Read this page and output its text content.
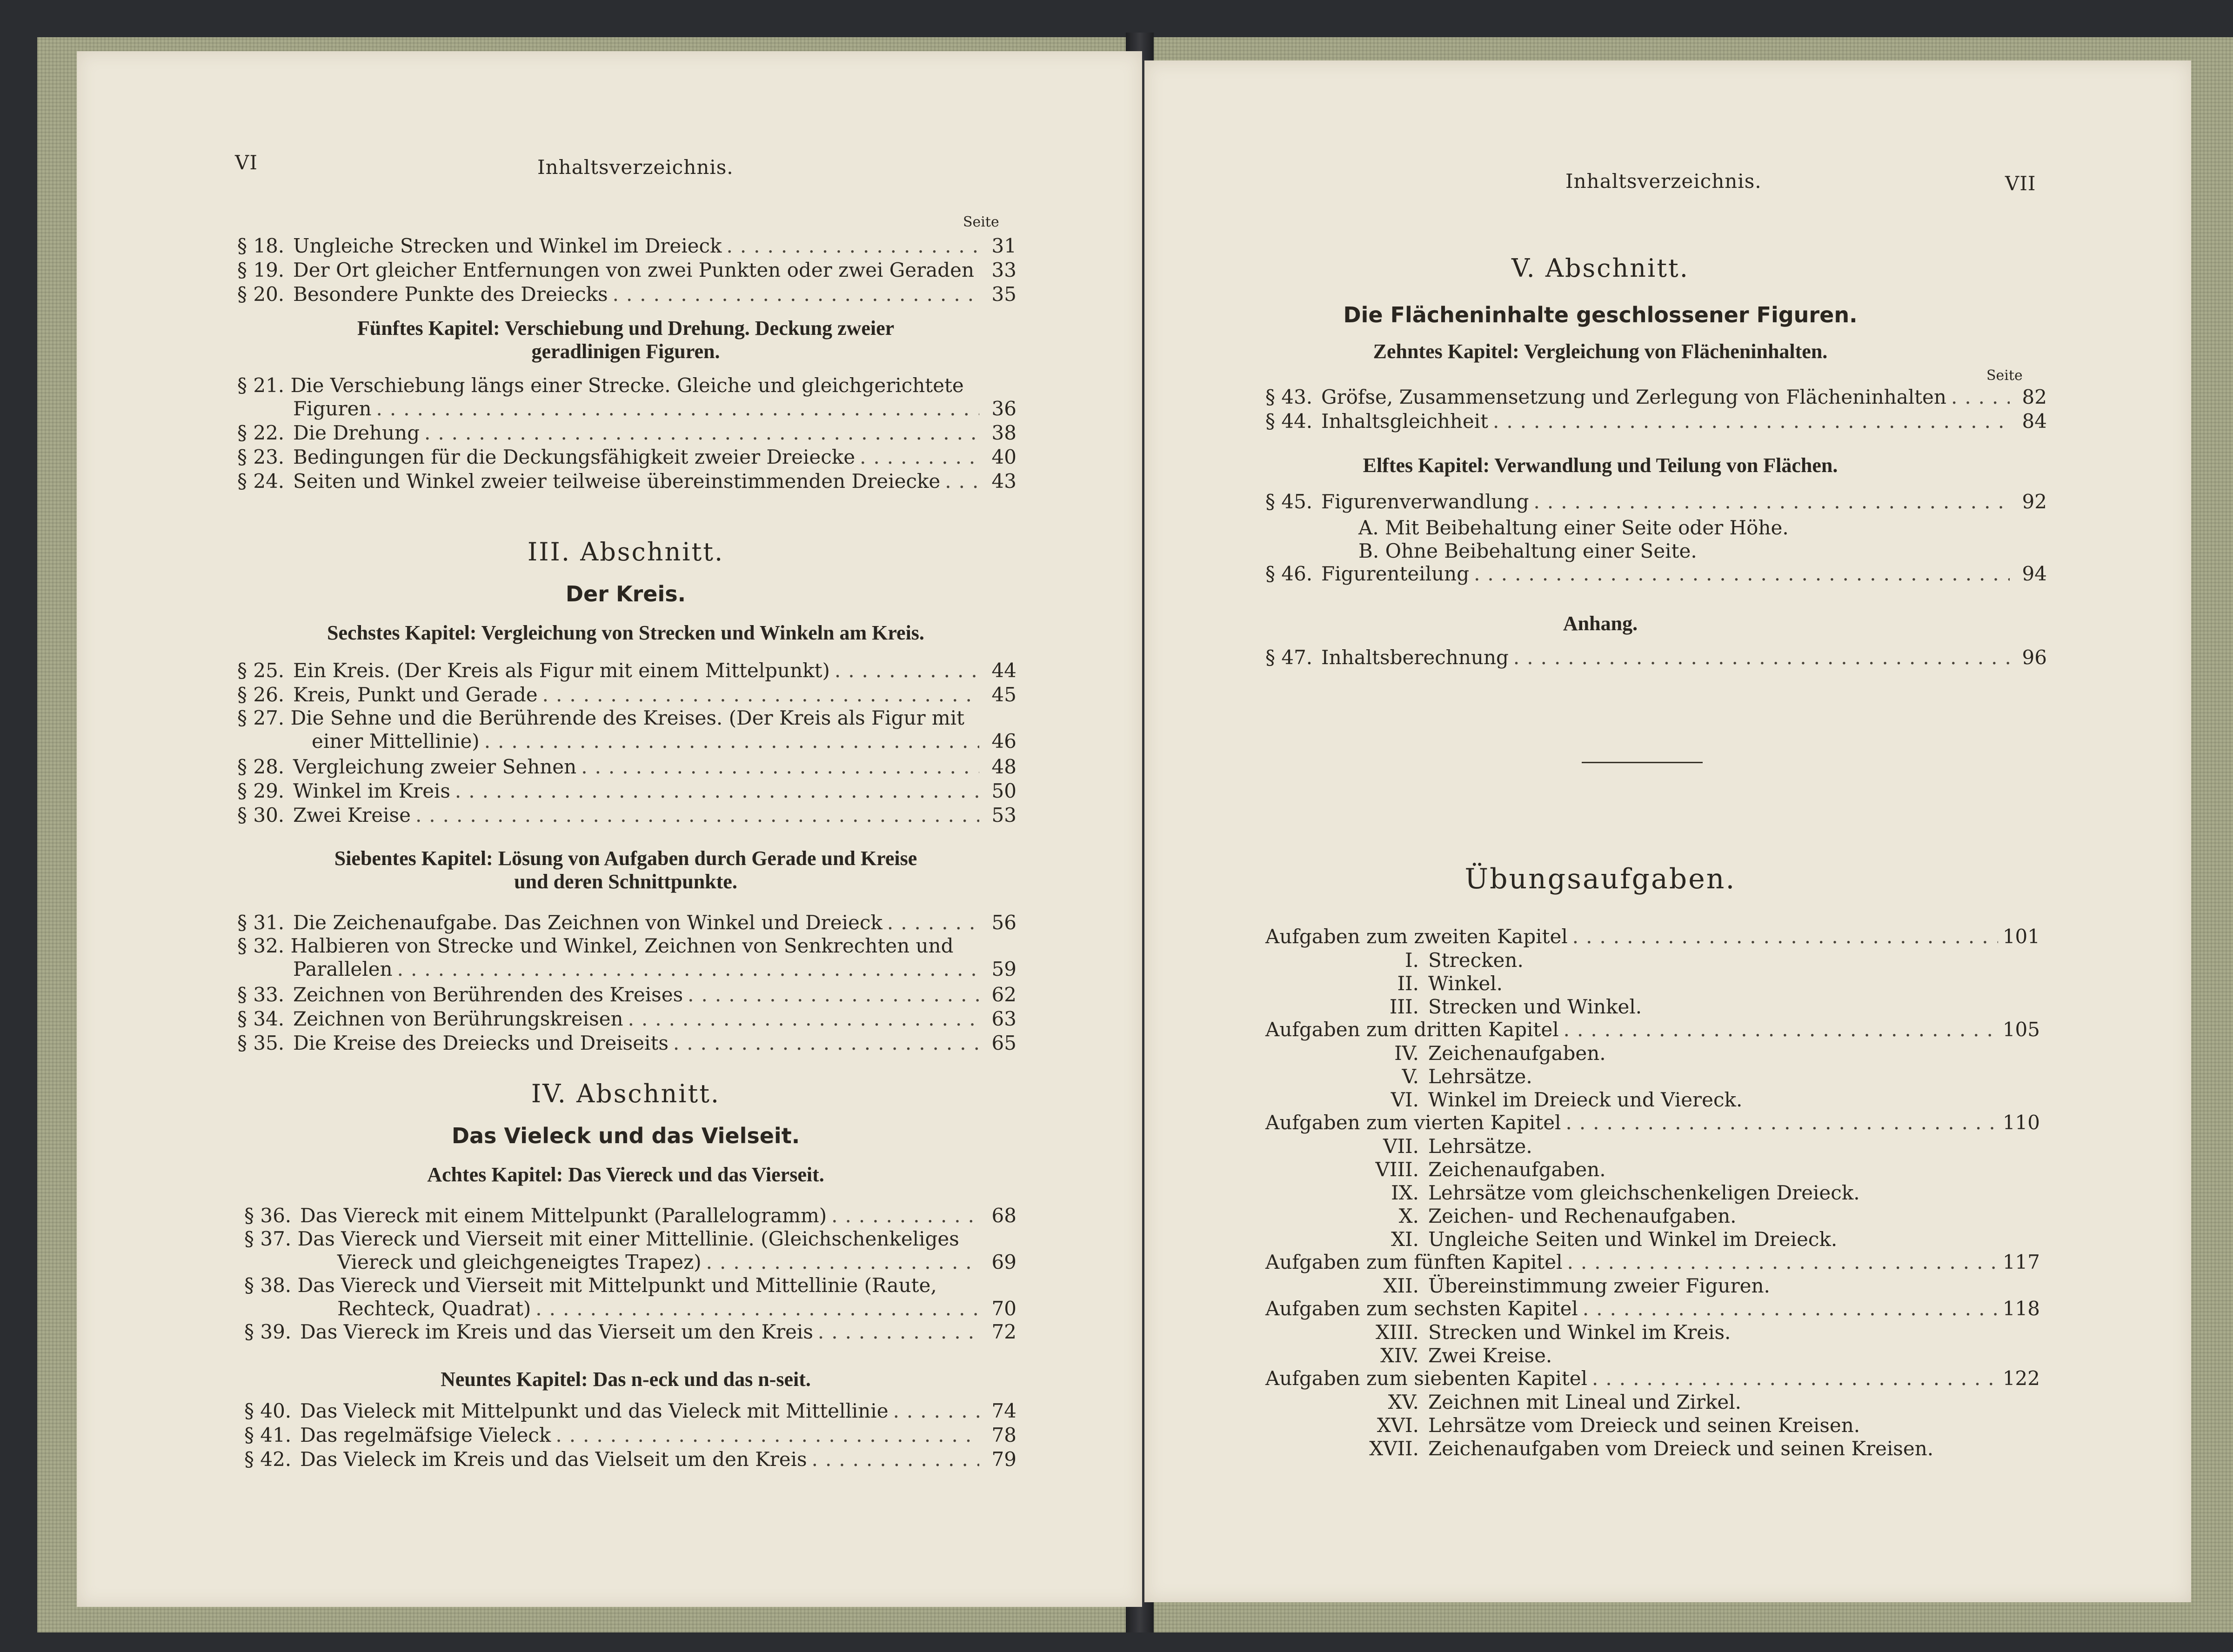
VI	Inhaltsverzeichnis.
Seite
§ 18. Ungleiche Strecken und Winkel im Dreieck .....	31
§ 19. Der Ort gleicher Entfernungen von zwei Punkten oder zwei Geraden ..... 33
§ 20. Besondere Punkte des Dreiecks .....	35
Fünftes Kapitel: Verschiebung und Drehung. Deckung zweier
geradlinigen Figuren.
§ 21. Die Verschiebung längs einer Strecke. Gleiche und gleichgerichtete
Figuren .....	36
§ 22. Die Drehung .....	38
§ 23. Bedingungen für die Deckungsfähigkeit zweier Dreiecke .....	40
§ 24. Seiten und Winkel zweier teilweise übereinstimmenden Dreiecke .....	43
III. Abschnitt.
Der Kreis.
Sechstes Kapitel: Vergleichung von Strecken und Winkeln am Kreis.
§ 25. Ein Kreis. (Der Kreis als Figur mit einem Mittelpunkt) .....	44
§ 26. Kreis, Punkt und Gerade .....	45
§ 27. Die Sehne und die Berührende des Kreises. (Der Kreis als Figur mit
einer Mittellinie) .....	46
§ 28. Vergleichung zweier Sehnen .....	48
§ 29. Winkel im Kreis .....	50
§ 30. Zwei Kreise .....	53
Siebentes Kapitel: Lösung von Aufgaben durch Gerade und Kreise
und deren Schnittpunkte.
§ 31. Die Zeichenaufgabe. Das Zeichnen von Winkel und Dreieck .....	56
§ 32. Halbieren von Strecke und Winkel, Zeichnen von Senkrechten und
Parallelen .....	59
§ 33. Zeichnen von Berührenden des Kreises .....	62
§ 34. Zeichnen von Berührungskreisen .....	63
§ 35. Die Kreise des Dreiecks und Dreiseits .....	65
IV. Abschnitt.
Das Vieleck und das Vielseit.
Achtes Kapitel: Das Viereck und das Vierseit.
§ 36. Das Viereck mit einem Mittelpunkt (Parallelogramm) .....	68
§ 37. Das Viereck und Vierseit mit einer Mittellinie. (Gleichschenkeliges
Viereck und gleichgeneigtes Trapez) .....	69
§ 38. Das Viereck und Vierseit mit Mittelpunkt und Mittellinie (Raute,
Rechteck, Quadrat) .....	70
§ 39. Das Viereck im Kreis und das Vierseit um den Kreis .....	72
Neuntes Kapitel: Das n-eck und das n-seit.
§ 40. Das Vieleck mit Mittelpunkt und das Vieleck mit Mittellinie .....	74
§ 41. Das regelmäfsige Vieleck .....	78
§ 42. Das Vieleck im Kreis und das Vielseit um den Kreis .....	79
Inhaltsverzeichnis.	VII
V. Abschnitt.
Die Flächeninhalte geschlossener Figuren.
Zehntes Kapitel: Vergleichung von Flächeninhalten.
Seite
§ 43. Gröfse, Zusammensetzung und Zerlegung von Flächeninhalten .....	82
§ 44. Inhaltsgleichheit .....	84
Elftes Kapitel: Verwandlung und Teilung von Flächen.
§ 45. Figurenverwandlung .....	92
A. Mit Beibehaltung einer Seite oder Höhe.
B. Ohne Beibehaltung einer Seite.
§ 46. Figurenteilung .....	94
Anhang.
§ 47. Inhaltsberechnung .....	96
Übungsaufgaben.
Aufgaben zum zweiten Kapitel .....	101
I. Strecken.
II. Winkel.
III. Strecken und Winkel.
Aufgaben zum dritten Kapitel .....	105
IV. Zeichenaufgaben.
V. Lehrsätze.
VI. Winkel im Dreieck und Viereck.
Aufgaben zum vierten Kapitel .....	110
VII. Lehrsätze.
VIII. Zeichenaufgaben.
IX. Lehrsätze vom gleichschenkeligen Dreieck.
X. Zeichen- und Rechenaufgaben.
XI. Ungleiche Seiten und Winkel im Dreieck.
Aufgaben zum fünften Kapitel .....	117
XII. Übereinstimmung zweier Figuren.
Aufgaben zum sechsten Kapitel .....	118
XIII. Strecken und Winkel im Kreis.
XIV. Zwei Kreise.
Aufgaben zum siebenten Kapitel .....	122
XV. Zeichnen mit Lineal und Zirkel.
XVI. Lehrsätze vom Dreieck und seinen Kreisen.
XVII. Zeichenaufgaben vom Dreieck und seinen Kreisen.
